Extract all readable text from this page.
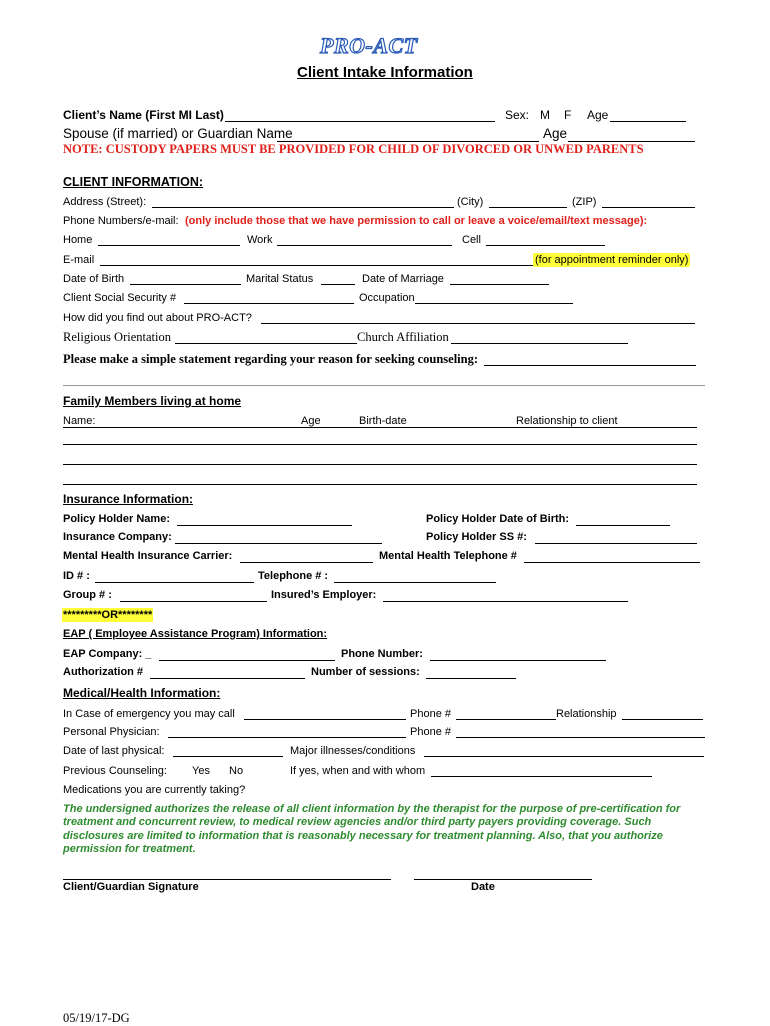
PRO-ACT
Client Intake Information
Client’s Name (First MI Last)	Sex: M F Age
Spouse (if married) or Guardian Name	Age
NOTE: CUSTODY PAPERS MUST BE PROVIDED FOR CHILD OF DIVORCED OR UNWED PARENTS
CLIENT INFORMATION:
Address (Street):	(City)	(ZIP)
Phone Numbers/e-mail: (only include those that we have permission to call or leave a voice/email/text message):
Home	Work	Cell
E-mail	(for appointment reminder only)
Date of Birth	Marital Status	Date of Marriage
Client Social Security #	Occupation
How did you find out about PRO-ACT?
Religious Orientation	Church Affiliation
Please make a simple statement regarding your reason for seeking counseling:
Family Members living at home
Name:	Age	Birth-date	Relationship to client
Insurance Information:
Policy Holder Name:	Policy Holder Date of Birth:
Insurance Company:	Policy Holder SS #:
Mental Health Insurance Carrier:	Mental Health Telephone #
ID # :	Telephone # :
Group # :	Insured’s Employer:
*********OR********
EAP ( Employee Assistance Program) Information:
EAP Company: _	Phone Number:
Authorization #	Number of sessions:
Medical/Health Information:
In Case of emergency you may call	Phone #	Relationship
Personal Physician:	Phone #
Date of last physical:	Major illnesses/conditions
Previous Counseling: Yes No	If yes, when and with whom
Medications you are currently taking?
The undersigned authorizes the release of all client information by the therapist for the purpose of pre-certification for treatment and concurrent review, to medical review agencies and/or third party payers providing coverage. Such disclosures are limited to information that is reasonably necessary for treatment planning. Also, that you authorize permission for treatment.
Client/Guardian Signature	Date
05/19/17-DG
